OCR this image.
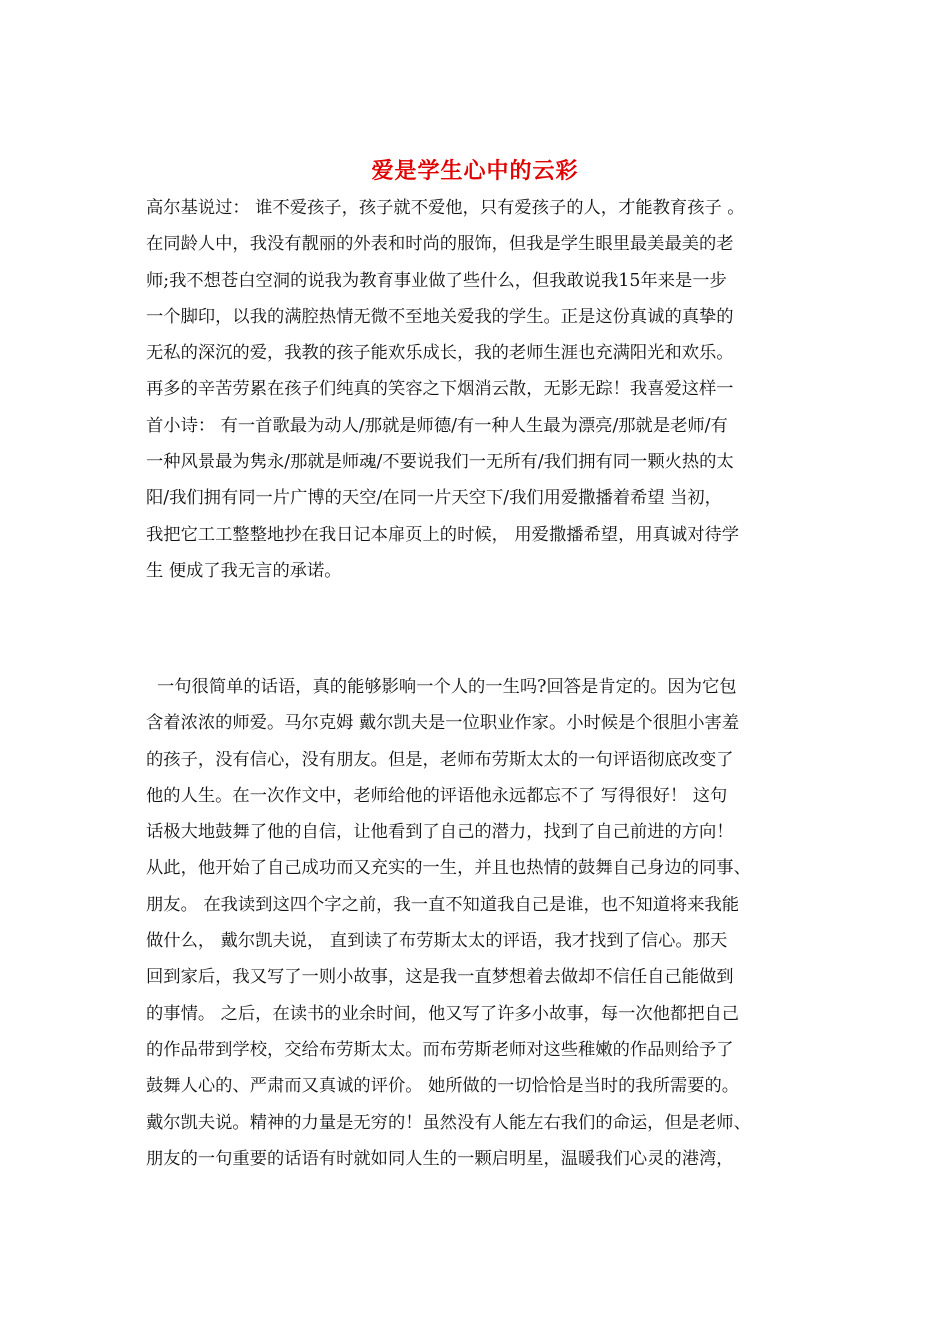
爱是学生心中的云彩
高尔基说过： 谁不爱孩子，孩子就不爱他，只有爱孩子的人，才能教育孩子 。
在同龄人中，我没有靓丽的外表和时尚的服饰，但我是学生眼里最美最美的老
师;我不想苍白空洞的说我为教育事业做了些什么，但我敢说我15年来是一步
一个脚印，以我的满腔热情无微不至地关爱我的学生。正是这份真诚的真挚的
无私的深沉的爱，我教的孩子能欢乐成长，我的老师生涯也充满阳光和欢乐。
再多的辛苦劳累在孩子们纯真的笑容之下烟消云散，无影无踪！我喜爱这样一
首小诗： 有一首歌最为动人/那就是师德/有一种人生最为漂亮/那就是老师/有
一种风景最为隽永/那就是师魂/不要说我们一无所有/我们拥有同一颗火热的太
阳/我们拥有同一片广博的天空/在同一片天空下/我们用爱撒播着希望 当初，
我把它工工整整地抄在我日记本扉页上的时候， 用爱撒播希望，用真诚对待学
生 便成了我无言的承诺。
一句很简单的话语，真的能够影响一个人的一生吗?回答是肯定的。因为它包
含着浓浓的师爱。马尔克姆 戴尔凯夫是一位职业作家。小时候是个很胆小害羞
的孩子，没有信心，没有朋友。但是，老师布劳斯太太的一句评语彻底改变了
他的人生。在一次作文中，老师给他的评语他永远都忘不了 写得很好！ 这句
话极大地鼓舞了他的自信，让他看到了自己的潜力，找到了自己前进的方向！
从此，他开始了自己成功而又充实的一生，并且也热情的鼓舞自己身边的同事、
朋友。 在我读到这四个字之前，我一直不知道我自己是谁，也不知道将来我能
做什么， 戴尔凯夫说， 直到读了布劳斯太太的评语，我才找到了信心。那天
回到家后，我又写了一则小故事，这是我一直梦想着去做却不信任自己能做到
的事情。 之后，在读书的业余时间，他又写了许多小故事，每一次他都把自己
的作品带到学校，交给布劳斯太太。而布劳斯老师对这些稚嫩的作品则给予了
鼓舞人心的、严肃而又真诚的评价。 她所做的一切恰恰是当时的我所需要的。
戴尔凯夫说。精神的力量是无穷的！虽然没有人能左右我们的命运，但是老师、
朋友的一句重要的话语有时就如同人生的一颗启明星，温暖我们心灵的港湾，
